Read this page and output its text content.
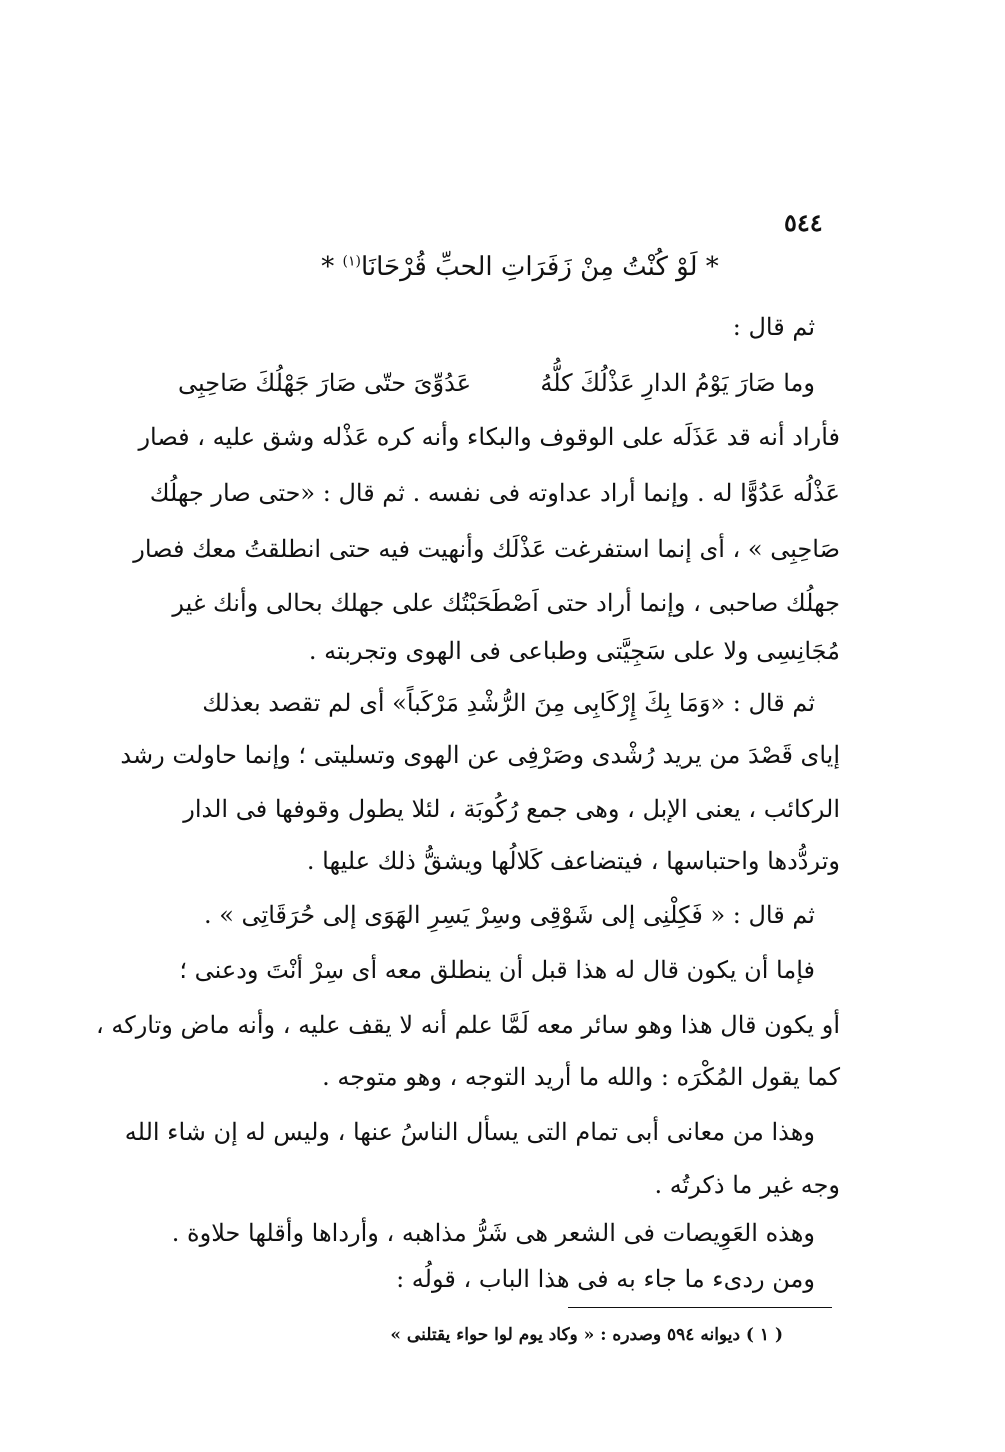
٥٤٤
* لَوْ كُنْتُ مِنْ زَفَرَاتِ الحبِّ قُرْحَانَا$^{(١)}$ *
ثم قال :
وما صَارَ يَوْمُ الدارِ عَذْلُكَ كلُّهُ
عَدُوِّىَ حتّى صَارَ جَهْلُكَ صَاحِبِى
فأراد أنه قد عَذَلَه على الوقوف والبكاء وأنه كره عَذْله وشق عليه ، فصار
عَذْلُه عَدُوًّا له . وإنما أراد عداوته فى نفسه . ثم قال : «حتى صار جهلُك
صَاحِبِى » ، أى إنما استفرغت عَذْلَك وأنهيت فيه حتى انطلقتُ معك فصار
جهلُك صاحبى ، وإنما أراد حتى اَصْطَحَبْتُك على جهلك بحالى وأنك غير
مُجَانِسِى ولا على سَجِيَّتى وطباعى فى الهوى وتجربته .
ثم قال : «وَمَا بِكَ إِرْكَابِى مِنَ الرُّشْدِ مَرْكَباً» أى لم تقصد بعذلك
إياى قَصْدَ من يريد رُشْدى وصَرْفِى عن الهوى وتسليتى ؛ وإنما حاولت رشد
الركائب ، يعنى الإبل ، وهى جمع رُكُوبَة ، لئلا يطول وقوفها فى الدار
وتردُّدها واحتباسها ، فيتضاعف كَلالُها ويشقُّ ذلك عليها .
ثم قال : « فَكِلْنِى إلى شَوْقِى وسِرْ يَسِرِ الهَوَى إلى حُرَقَاتِى » .
فإما أن يكون قال له هذا قبل أن ينطلق معه أى سِرْ أنْتَ ودعنى ؛
أو يكون قال هذا وهو سائر معه لَمَّا علم أنه لا يقف عليه ، وأنه ماض وتاركه ،
كما يقول المُكْرَه : والله ما أريد التوجه ، وهو متوجه .
وهذا من معانى أبى تمام التى يسأل الناسُ عنها ، وليس له إن شاء الله
وجه غير ما ذكرتُه .
وهذه العَوِيصات فى الشعر هى شَرُّ مذاهبه ، وأرداها وأقلها حلاوة .
ومن ردىء ما جاء به فى هذا الباب ، قولُه :
( ١ ) ديوانه ٥٩٤ وصدره : « وكاد يوم لوا حواء يقتلنى »
